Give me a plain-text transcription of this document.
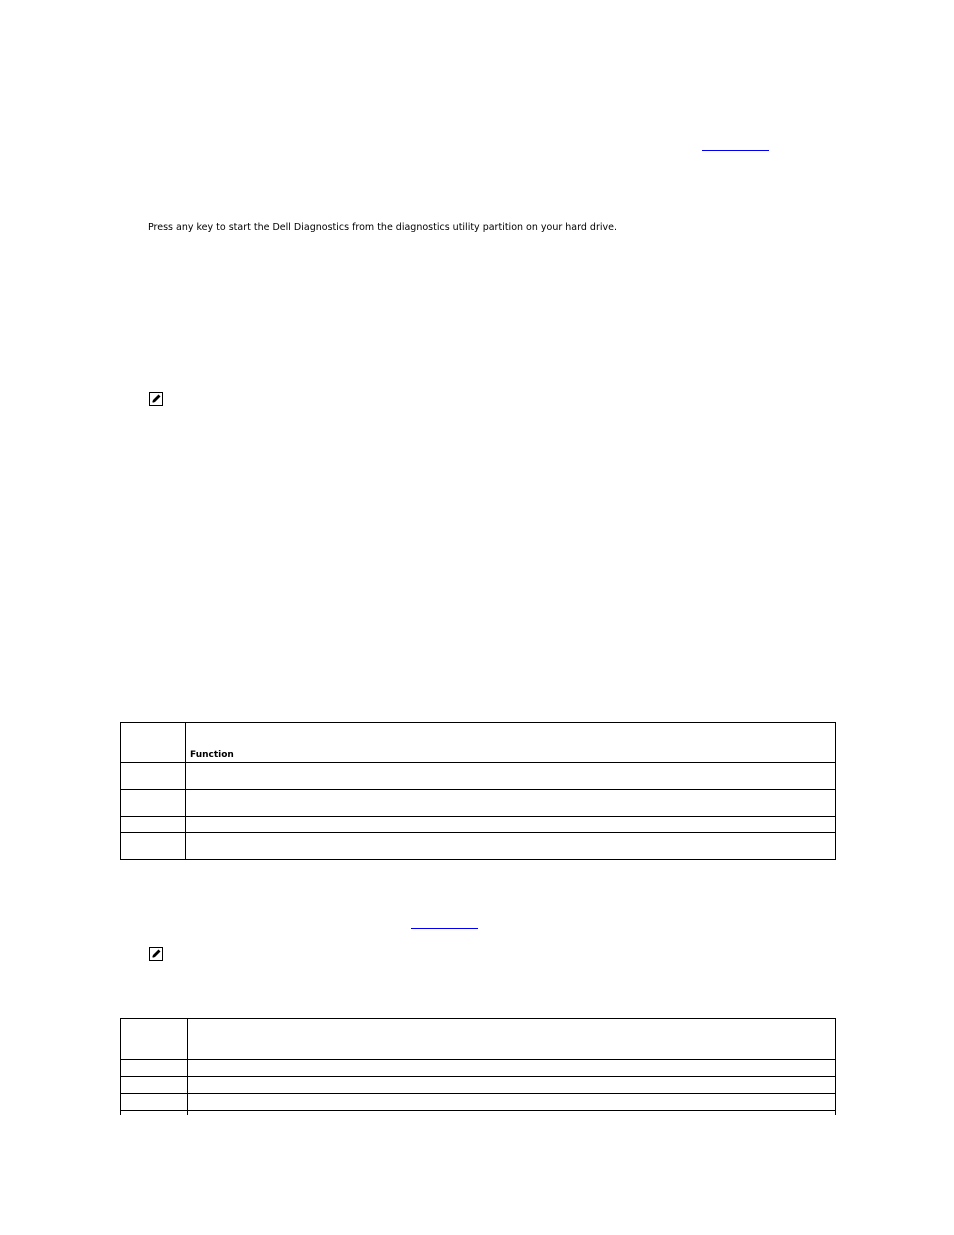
Press any key to start the Dell Diagnostics from the diagnostics utility partition on your hard drive.
	Function
